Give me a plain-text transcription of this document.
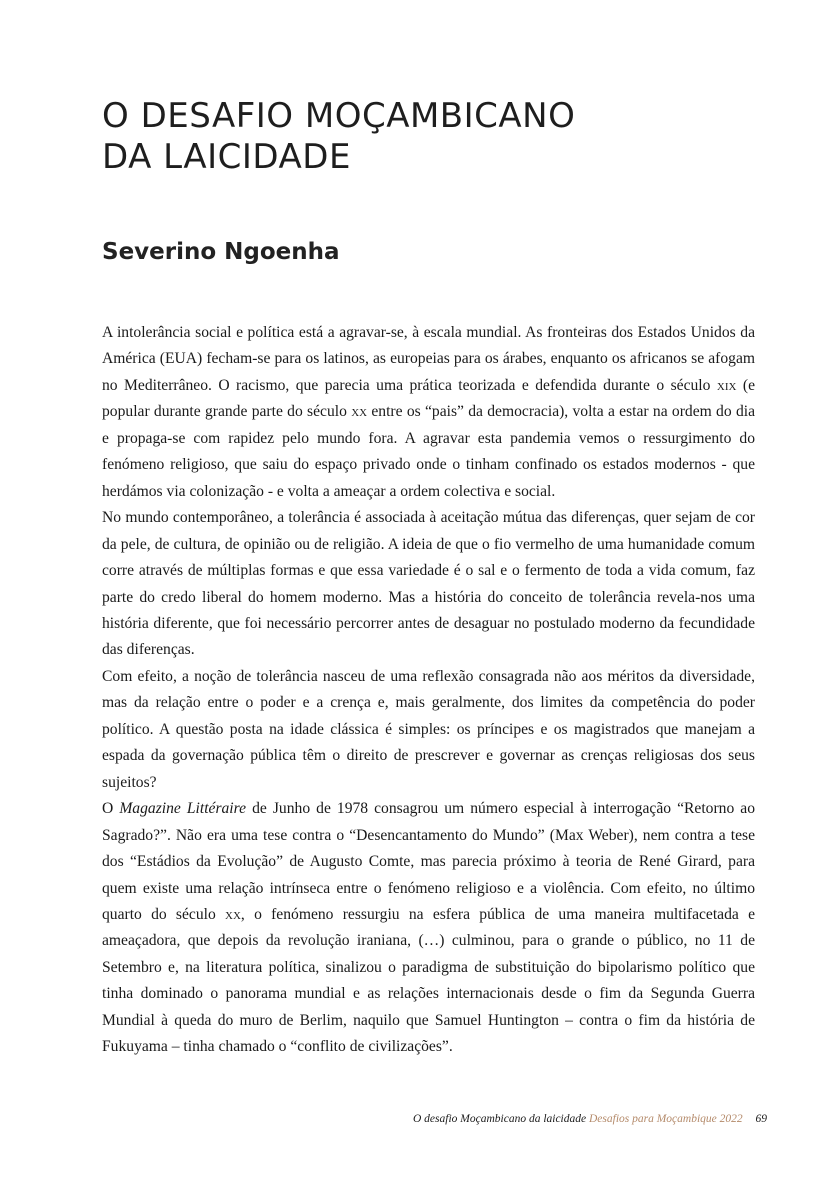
O DESAFIO MOÇAMBICANO
DA LAICIDADE
Severino Ngoenha

A intolerância social e política está a agravar-se, à escala mundial. As fronteiras dos Estados Unidos da América (EUA) fecham-se para os latinos, as europeias para os árabes, enquanto os africanos se afogam no Mediterrâneo. O racismo, que parecia uma prática teorizada e defendida durante o século xix (e popular durante grande parte do século xx entre os “pais” da democracia), volta a estar na ordem do dia e propaga-se com rapidez pelo mundo fora. A agravar esta pandemia vemos o ressurgimento do fenómeno religioso, que saiu do espaço privado onde o tinham confinado os estados modernos - que herdámos via colonização - e volta a ameaçar a ordem colectiva e social.

No mundo contemporâneo, a tolerância é associada à aceitação mútua das diferenças, quer sejam de cor da pele, de cultura, de opinião ou de religião. A ideia de que o fio vermelho de uma humanidade comum corre através de múltiplas formas e que essa variedade é o sal e o fermento de toda a vida comum, faz parte do credo liberal do homem moderno. Mas a história do conceito de tolerância revela-nos uma história diferente, que foi necessário percorrer antes de desaguar no postulado moderno da fecundidade das diferenças.

Com efeito, a noção de tolerância nasceu de uma reflexão consagrada não aos méritos da diversidade, mas da relação entre o poder e a crença e, mais geralmente, dos limites da competência do poder político. A questão posta na idade clássica é simples: os príncipes e os magistrados que manejam a espada da governação pública têm o direito de prescrever e governar as crenças religiosas dos seus sujeitos?

O Magazine Littéraire de Junho de 1978 consagrou um número especial à interrogação “Retorno ao Sagrado?”. Não era uma tese contra o “Desencantamento do Mundo” (Max Weber), nem contra a tese dos “Estádios da Evolução” de Augusto Comte, mas parecia próximo à teoria de René Girard, para quem existe uma relação intrínseca entre o fenómeno religioso e a violência. Com efeito, no último quarto do século xx, o fenómeno ressurgiu na esfera pública de uma maneira multifacetada e ameaçadora, que depois da revolução iraniana, (…) culminou, para o grande o público, no 11 de Setembro e, na literatura política, sinalizou o paradigma de substituição do bipolarismo político que tinha dominado o panorama mundial e as relações internacionais desde o fim da Segunda Guerra Mundial à queda do muro de Berlim, naquilo que Samuel Huntington – contra o fim da história de Fukuyama – tinha chamado o “conflito de civilizações”.

O desafio Moçambicano da laicidade Desafios para Moçambique 2022 69
